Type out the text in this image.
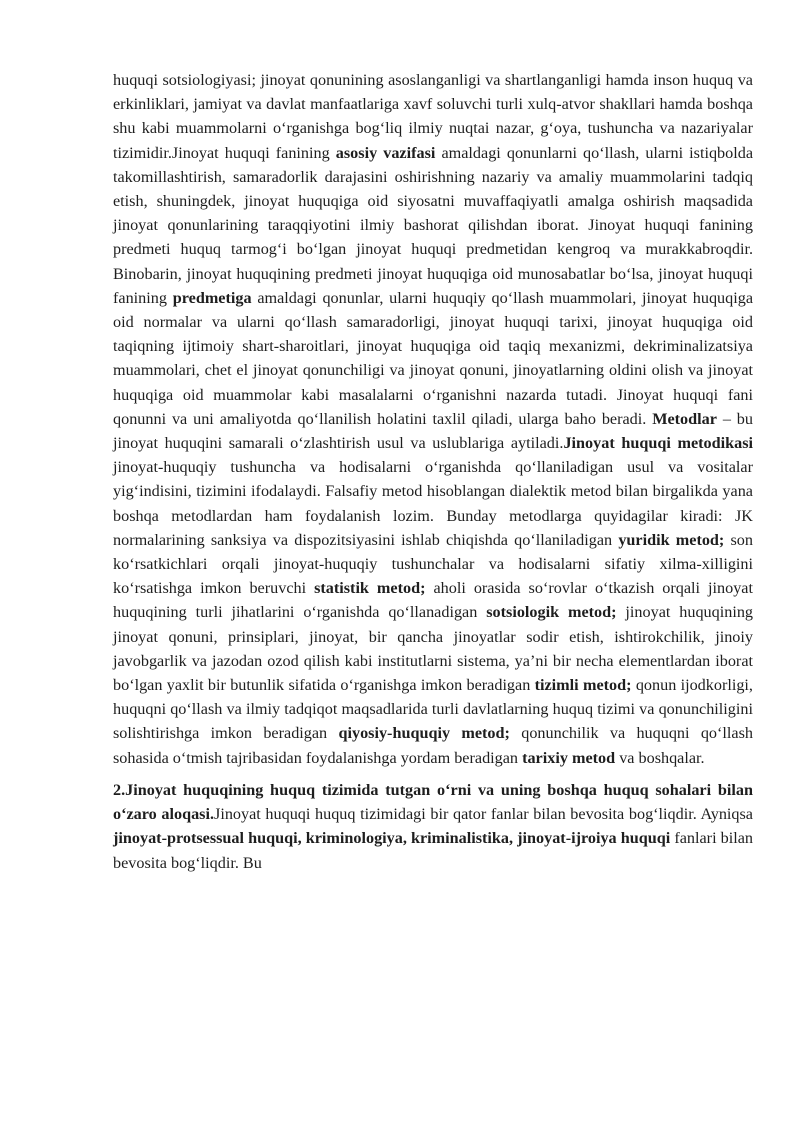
huquqi sotsiologiyasi; jinoyat qonunining asoslanganligi va shartlanganligi hamda inson huquq va erkinliklari, jamiyat va davlat manfaatlariga xavf soluvchi turli xulq-atvor shakllari hamda boshqa shu kabi muammolarni o‘rganishga bog‘liq ilmiy nuqtai nazar, g‘oya, tushuncha va nazariyalar tizimidir.Jinoyat huquqi fanining asosiy vazifasi amaldagi qonunlarni qo‘llash, ularni istiqbolda takomillashtirish, samaradorlik darajasini oshirishning nazariy va amaliy muammolarini tadqiq etish, shuningdek, jinoyat huquqiga oid siyosatni muvaffaqiyatli amalga oshirish maqsadida jinoyat qonunlarining taraqqiyotini ilmiy bashorat qilishdan iborat. Jinoyat huquqi fanining predmeti huquq tarmog‘i bo‘lgan jinoyat huquqi predmetidan kengroq va murakkabroqdir. Binobarin, jinoyat huquqining predmeti jinoyat huquqiga oid munosabatlar bo‘lsa, jinoyat huquqi fanining predmetiga amaldagi qonunlar, ularni huquqiy qo‘llash muammolari, jinoyat huquqiga oid normalar va ularni qo‘llash samaradorligi, jinoyat huquqi tarixi, jinoyat huquqiga oid taqiqning ijtimoiy shart-sharoitlari, jinoyat huquqiga oid taqiq mexanizmi, dekriminalizatsiya muammolari, chet el jinoyat qonunchiligi va jinoyat qonuni, jinoyatlarning oldini olish va jinoyat huquqiga oid muammolar kabi masalalarni o‘rganishni nazarda tutadi. Jinoyat huquqi fani qonunni va uni amaliyotda qo‘llanilish holatini taxlil qiladi, ularga baho beradi. Metodlar – bu jinoyat huquqini samarali o‘zlashtirish usul va uslublariga aytiladi.Jinoyat huquqi metodikasi jinoyat-huquqiy tushuncha va hodisalarni o‘rganishda qo‘llaniladigan usul va vositalar yig‘indisini, tizimini ifodalaydi. Falsafiy metod hisoblangan dialektik metod bilan birgalikda yana boshqa metodlardan ham foydalanish lozim. Bunday metodlarga quyidagilar kiradi: JK normalarining sanksiya va dispozitsiyasini ishlab chiqishda qo‘llaniladigan yuridik metod; son ko‘rsatkichlari orqali jinoyat-huquqiy tushunchalar va hodisalarni sifatiy xilma-xilligini ko‘rsatishga imkon beruvchi statistik metod; aholi orasida so‘rovlar o‘tkazish orqali jinoyat huquqining turli jihatlarini o‘rganishda qo‘llanadigan sotsiologik metod; jinoyat huquqining jinoyat qonuni, prinsiplari, jinoyat, bir qancha jinoyatlar sodir etish, ishtirokchilik, jinoiy javobgarlik va jazodan ozod qilish kabi institutlarni sistema, ya’ni bir necha elementlardan iborat bo‘lgan yaxlit bir butunlik sifatida o‘rganishga imkon beradigan tizimli metod; qonun ijodkorligi, huquqni qo‘llash va ilmiy tadqiqot maqsadlarida turli davlatlarning huquq tizimi va qonunchiligini solishtirishga imkon beradigan qiyosiy-huquqiy metod; qonunchilik va huquqni qo‘llash sohasida o‘tmish tajribasidan foydalanishga yordam beradigan tarixiy metod va boshqalar.

2.Jinoyat huquqining huquq tizimida tutgan o‘rni va uning boshqa huquq sohalari bilan o‘zaro aloqasi.Jinoyat huquqi huquq tizimidagi bir qator fanlar bilan bevosita bog‘liqdir. Ayniqsa jinoyat-protsessual huquqi, kriminologiya, kriminalistika, jinoyat-ijroiya huquqi fanlari bilan bevosita bog‘liqdir. Bu
